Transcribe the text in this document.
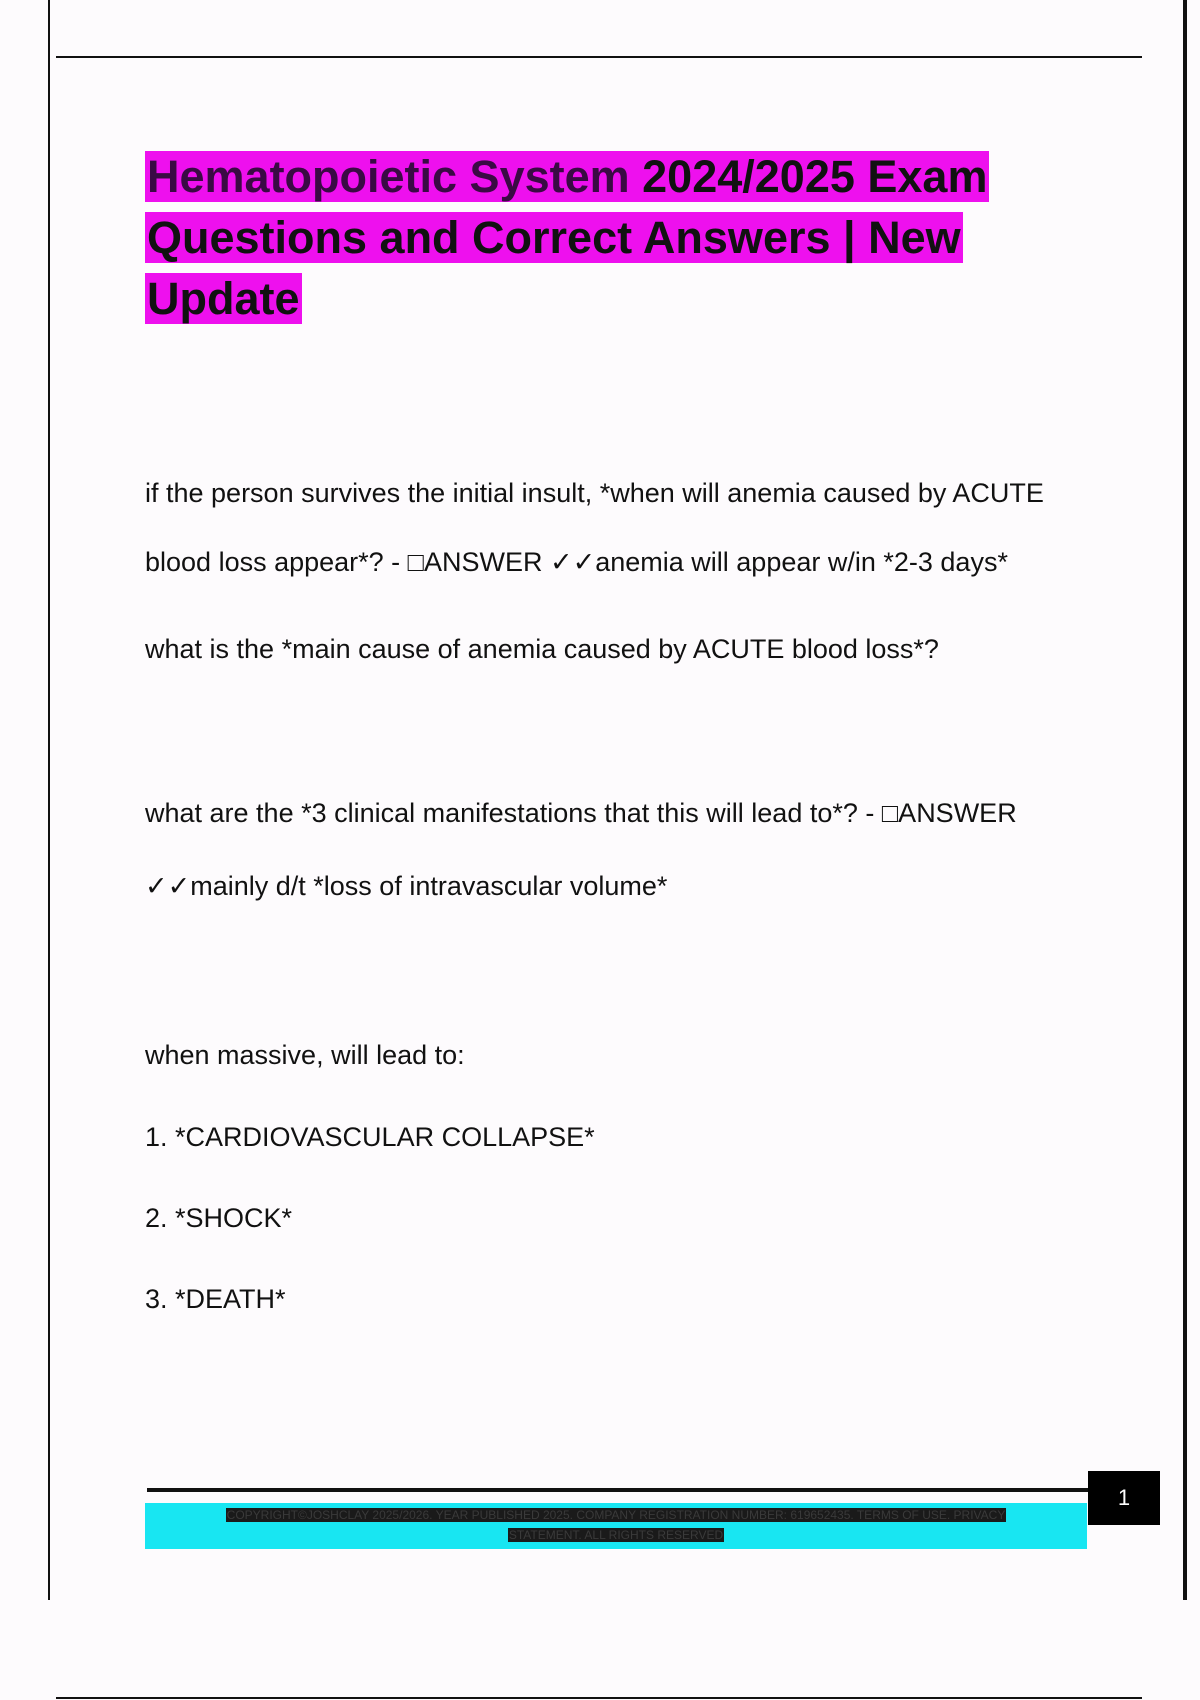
Hematopoietic System 2024/2025 Exam
Questions and Correct Answers | New
Update

if the person survives the initial insult, *when will anemia caused by ACUTE

blood loss appear*? - □ANSWER ✓✓anemia will appear w/in *2-3 days*

what is the *main cause of anemia caused by ACUTE blood loss*?

what are the *3 clinical manifestations that this will lead to*? - □ANSWER

✓✓mainly d/t *loss of intravascular volume*

when massive, will lead to:

1. *CARDIOVASCULAR COLLAPSE*

2. *SHOCK*

3. *DEATH*

COPYRIGHT©JOSHCLAY 2025/2026. YEAR PUBLISHED 2025. COMPANY REGISTRATION NUMBER: 619652435. TERMS OF USE. PRIVACY
STATEMENT. ALL RIGHTS RESERVED
1
